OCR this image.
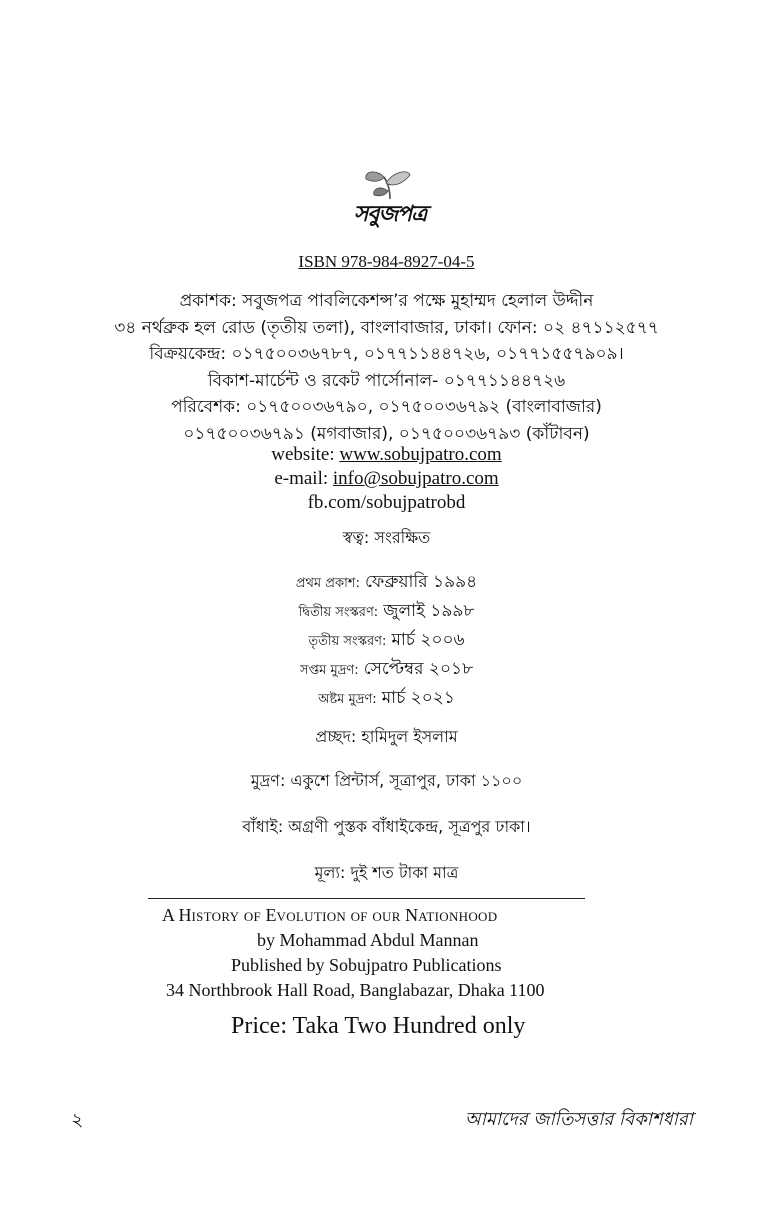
সবুজপত্র
ISBN 978-984-8927-04-5
প্রকাশক: সবুজপত্র পাবলিকেশন্স’র পক্ষে মুহাম্মদ হেলাল উদ্দীন
৩৪ নর্থব্রুক হল রোড (তৃতীয় তলা), বাংলাবাজার, ঢাকা। ফোন: ০২ ৪৭১১২৫৭৭
বিক্রয়কেন্দ্র: ০১৭৫০০৩৬৭৮৭, ০১৭৭১১৪৪৭২৬, ০১৭৭১৫৫৭৯০৯।
বিকাশ-মার্চেন্ট ও রকেট পার্সোনাল- ০১৭৭১১৪৪৭২৬
পরিবেশক: ০১৭৫০০৩৬৭৯০, ০১৭৫০০৩৬৭৯২ (বাংলাবাজার)
০১৭৫০০৩৬৭৯১ (মগবাজার), ০১৭৫০০৩৬৭৯৩ (কাঁটাবন)
website: www.sobujpatro.com
e-mail: info@sobujpatro.com
fb.com/sobujpatrobd
স্বত্ব: সংরক্ষিত
প্রথম প্রকাশ: ফেব্রুয়ারি ১৯৯৪
দ্বিতীয় সংস্করণ: জুলাই ১৯৯৮
তৃতীয় সংস্করণ: মার্চ ২০০৬
সপ্তম মুদ্রণ: সেপ্টেম্বর ২০১৮
অষ্টম মুদ্রণ: মার্চ ২০২১
প্রচ্ছদ: হামিদুল ইসলাম
মুদ্রণ: একুশে প্রিন্টার্স, সূত্রাপুর, ঢাকা ১১০০
বাঁধাই: অগ্রণী পুস্তক বাঁধাইকেন্দ্র, সূত্রপুর ঢাকা।
মূল্য: দুই শত টাকা মাত্র
A HISTORY OF EVOLUTION OF OUR NATIONHOOD
by Mohammad Abdul Mannan
Published by Sobujpatro Publications
34 Northbrook Hall Road, Banglabazar, Dhaka 1100
Price: Taka Two Hundred only
২	আমাদের জাতিসত্তার বিকাশধারা
